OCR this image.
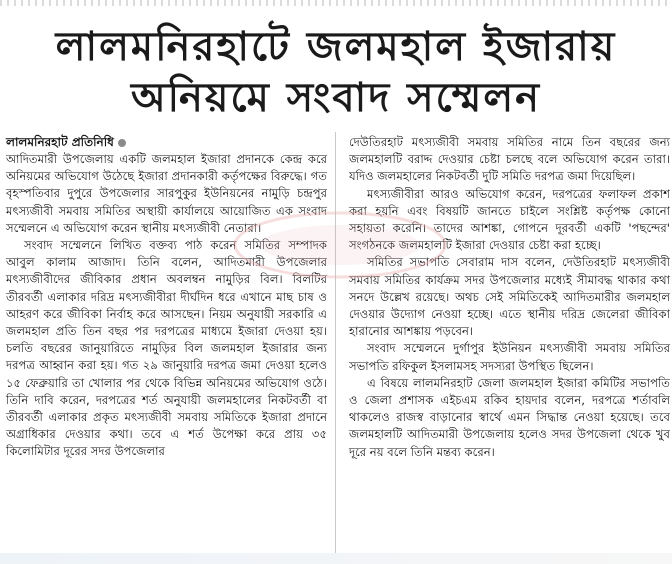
লালমনিরহাটে জলমহাল ইজারায়
অনিয়মে সংবাদ সম্মেলন
লালমনিরহাট প্রতিনিধি

আদিতমারী উপজেলায় একটি জলমহাল ইজারা প্রদানকে কেন্দ্র করে অনিয়মের অভিযোগ উঠেছে ইজারা প্রদানকারী কর্তৃপক্ষের বিরুদ্ধে। গত বৃহস্পতিবার দুপুরে উপজেলার সারপুকুর ইউনিয়নের নামুড়ি চন্দ্রপুর মৎস্যজীবী সমবায় সমিতির অস্থায়ী কার্যালয়ে আয়োজিত এক সংবাদ সম্মেলনে এ অভিযোগ করেন স্থানীয় মৎস্যজীবী নেতারা।

সংবাদ সম্মেলনে লিখিত বক্তব্য পাঠ করেন সমিতির সম্পাদক আবুল কালাম আজাদ। তিনি বলেন, আদিতমারী উপজেলার মৎস্যজীবীদের জীবিকার প্রধান অবলম্বন নামুড়ির বিল। বিলটির তীরবর্তী এলাকার দরিদ্র মৎস্যজীবীরা দীর্ঘদিন ধরে এখানে মাছ চাষ ও আহরণ করে জীবিকা নির্বাহ করে আসছেন। নিয়ম অনুযায়ী সরকারি এ জলমহাল প্রতি তিন বছর পর দরপত্রের মাধ্যমে ইজারা দেওয়া হয়। চলতি বছরের জানুয়ারিতে নামুড়ির বিল জলমহাল ইজারার জন্য দরপত্র আহ্বান করা হয়। গত ২৯ জানুয়ারি দরপত্র জমা দেওয়া হলেও ১৫ ফেব্রুয়ারি তা খোলার পর থেকে বিভিন্ন অনিয়মের অভিযোগ ওঠে। তিনি দাবি করেন, দরপত্রের শর্ত অনুযায়ী জলমহালের নিকটবর্তী বা তীরবর্তী এলাকার প্রকৃত মৎস্যজীবী সমবায় সমিতিকে ইজারা প্রদানে অগ্রাধিকার দেওয়ার কথা। তবে এ শর্ত উপেক্ষা করে প্রায় ৩৫ কিলোমিটার দূরের সদর উপজেলার

দেউতিরহাট মৎস্যজীবী সমবায় সমিতির নামে তিন বছরের জন্য জলমহালটি বরাদ্দ দেওয়ার চেষ্টা চলছে বলে অভিযোগ করেন তারা। যদিও জলমহালের নিকটবর্তী দুটি সমিতি দরপত্র জমা দিয়েছিল।

মৎস্যজীবীরা আরও অভিযোগ করেন, দরপত্রের ফলাফল প্রকাশ করা হয়নি এবং বিষয়টি জানতে চাইলে সংশ্লিষ্ট কর্তৃপক্ষ কোনো সহায়তা করেনি। তাদের আশঙ্কা, গোপনে দূরবর্তী একটি 'পছন্দের' সংগঠনকে জলমহালটি ইজারা দেওয়ার চেষ্টা করা হচ্ছে।

সমিতির সভাপতি সেবারাম দাস বলেন, দেউতিরহাট মৎস্যজীবী সমবায় সমিতির কার্যক্রম সদর উপজেলার মধ্যেই সীমাবদ্ধ থাকার কথা সনদে উল্লেখ রয়েছে। অথচ সেই সমিতিকেই আদিতমারীর জলমহাল দেওয়ার উদ্যোগ নেওয়া হচ্ছে। এতে স্থানীয় দরিদ্র জেলেরা জীবিকা হারানোর আশঙ্কায় পড়বেন।

সংবাদ সম্মেলনে দুর্গাপুর ইউনিয়ন মৎস্যজীবী সমবায় সমিতির সভাপতি রফিকুল ইসলামসহ সদস্যরা উপস্থিত ছিলেন।

এ বিষয়ে লালমনিরহাট জেলা জলমহাল ইজারা কমিটির সভাপতি ও জেলা প্রশাসক এইচএম রকিব হায়দার বলেন, দরপত্রে শর্তাবলি থাকলেও রাজস্ব বাড়ানোর স্বার্থে এমন সিদ্ধান্ত নেওয়া হয়েছে। তবে জলমহালটি আদিতমারী উপজেলায় হলেও সদর উপজেলা থেকে খুব দূরে নয় বলে তিনি মন্তব্য করেন।
